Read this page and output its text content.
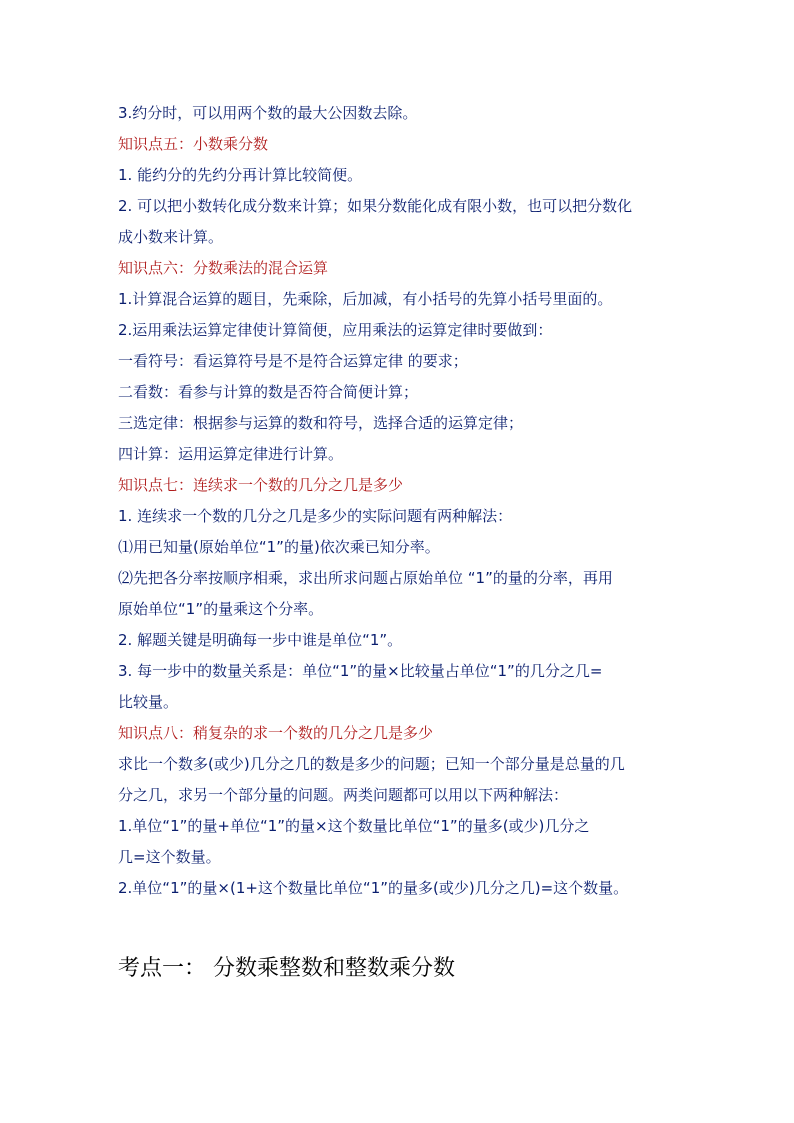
3.约分时，可以用两个数的最大公因数去除。
知识点五：小数乘分数
1. 能约分的先约分再计算比较简便。
2. 可以把小数转化成分数来计算；如果分数能化成有限小数，也可以把分数化
成小数来计算。
知识点六：分数乘法的混合运算
1.计算混合运算的题目，先乘除，后加减，有小括号的先算小括号里面的。
2.运用乘法运算定律使计算简便，应用乘法的运算定律时要做到：
一看符号：看运算符号是不是符合运算定律 的要求；
二看数：看参与计算的数是否符合简便计算；
三选定律：根据参与运算的数和符号，选择合适的运算定律；
四计算：运用运算定律进行计算。
知识点七：连续求一个数的几分之几是多少
1. 连续求一个数的几分之几是多少的实际问题有两种解法：
⑴用已知量(原始单位“1”的量)依次乘已知分率。
⑵先把各分率按顺序相乘，求出所求问题占原始单位 “1”的量的分率，再用
原始单位“1”的量乘这个分率。
2. 解题关键是明确每一步中谁是单位“1”。
3. 每一步中的数量关系是：单位“1”的量×比较量占单位“1”的几分之几=
比较量。
知识点八：稍复杂的求一个数的几分之几是多少
求比一个数多(或少)几分之几的数是多少的问题；已知一个部分量是总量的几
分之几，求另一个部分量的问题。两类问题都可以用以下两种解法：
1.单位“1”的量+单位“1”的量×这个数量比单位“1”的量多(或少)几分之
几=这个数量。
2.单位“1”的量×(1+这个数量比单位“1”的量多(或少)几分之几)=这个数量。
考点一： 分数乘整数和整数乘分数
